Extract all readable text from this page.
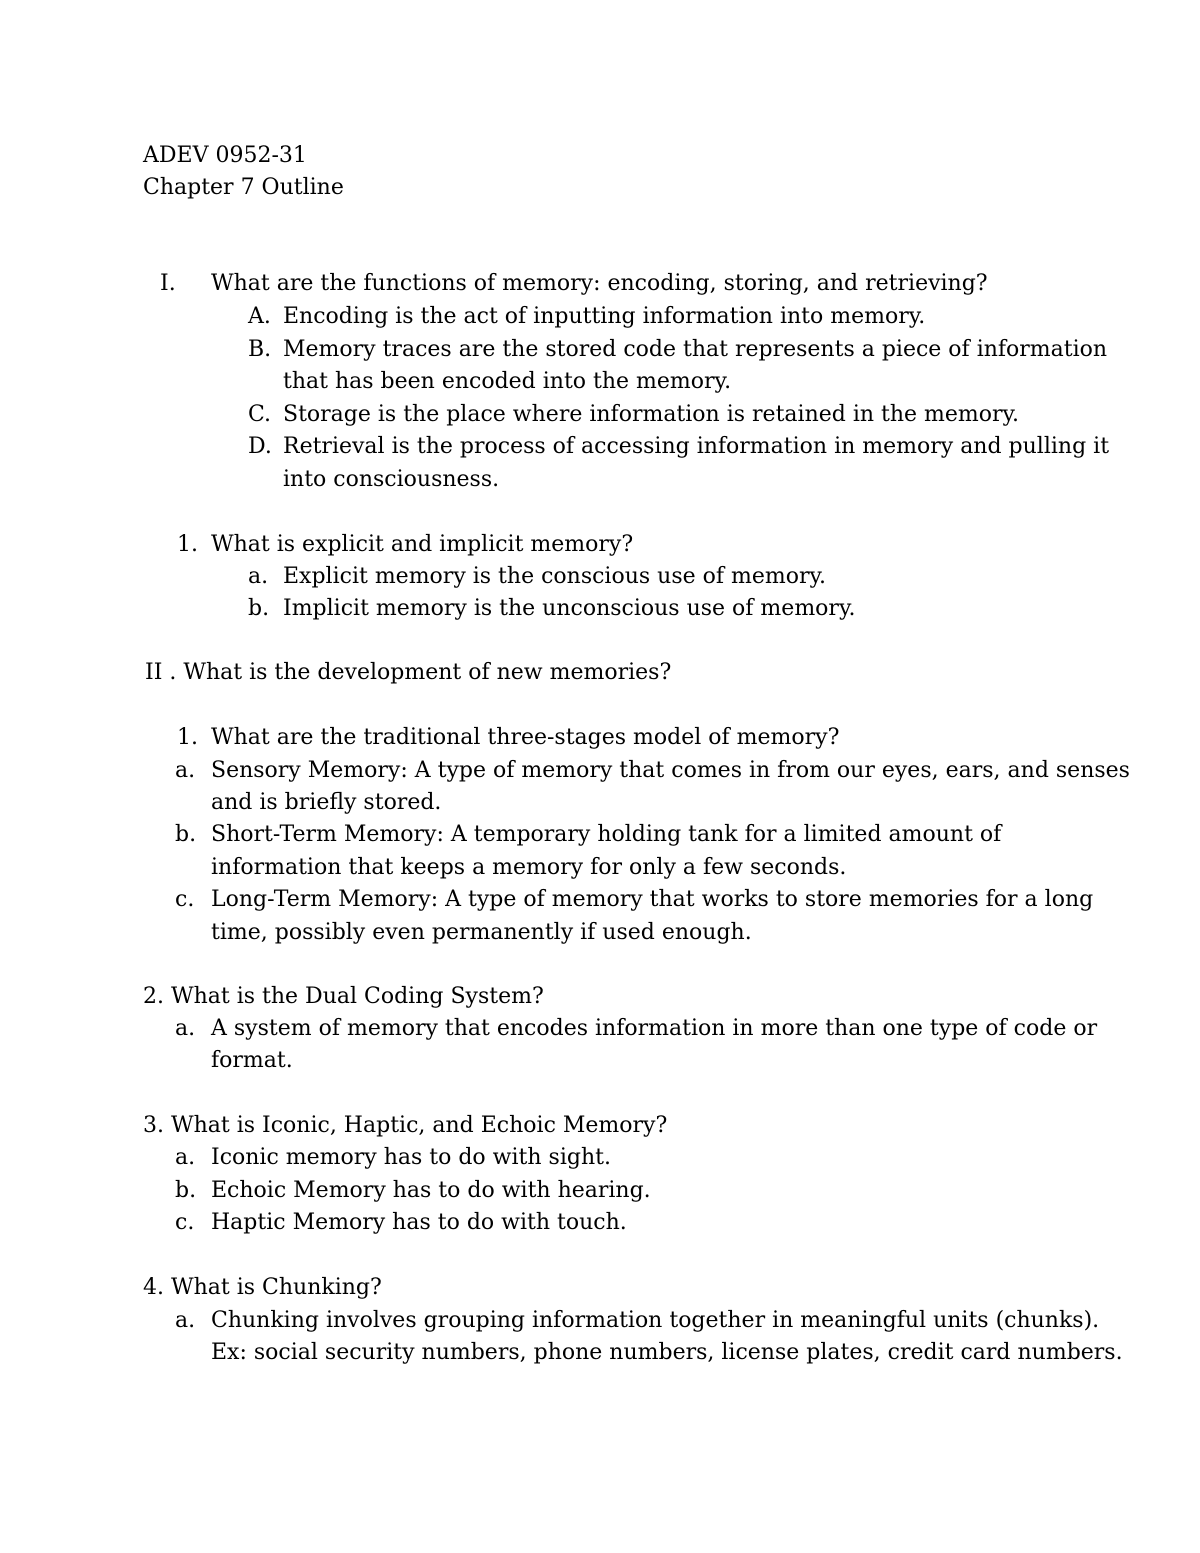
ADEV 0952-31
Chapter 7 Outline
I. What are the functions of memory: encoding, storing, and retrieving?
A. Encoding is the act of inputting information into memory.
B. Memory traces are the stored code that represents a piece of information
that has been encoded into the memory.
C. Storage is the place where information is retained in the memory.
D. Retrieval is the process of accessing information in memory and pulling it
into consciousness.
1. What is explicit and implicit memory?
a. Explicit memory is the conscious use of memory.
b. Implicit memory is the unconscious use of memory.
II . What is the development of new memories?
1. What are the traditional three-stages model of memory?
a. Sensory Memory: A type of memory that comes in from our eyes, ears, and senses
and is briefly stored.
b. Short-Term Memory: A temporary holding tank for a limited amount of
information that keeps a memory for only a few seconds.
c. Long-Term Memory: A type of memory that works to store memories for a long
time, possibly even permanently if used enough.
2. What is the Dual Coding System?
a. A system of memory that encodes information in more than one type of code or
format.
3. What is Iconic, Haptic, and Echoic Memory?
a. Iconic memory has to do with sight.
b. Echoic Memory has to do with hearing.
c. Haptic Memory has to do with touch.
4. What is Chunking?
a. Chunking involves grouping information together in meaningful units (chunks).
Ex: social security numbers, phone numbers, license plates, credit card numbers.
